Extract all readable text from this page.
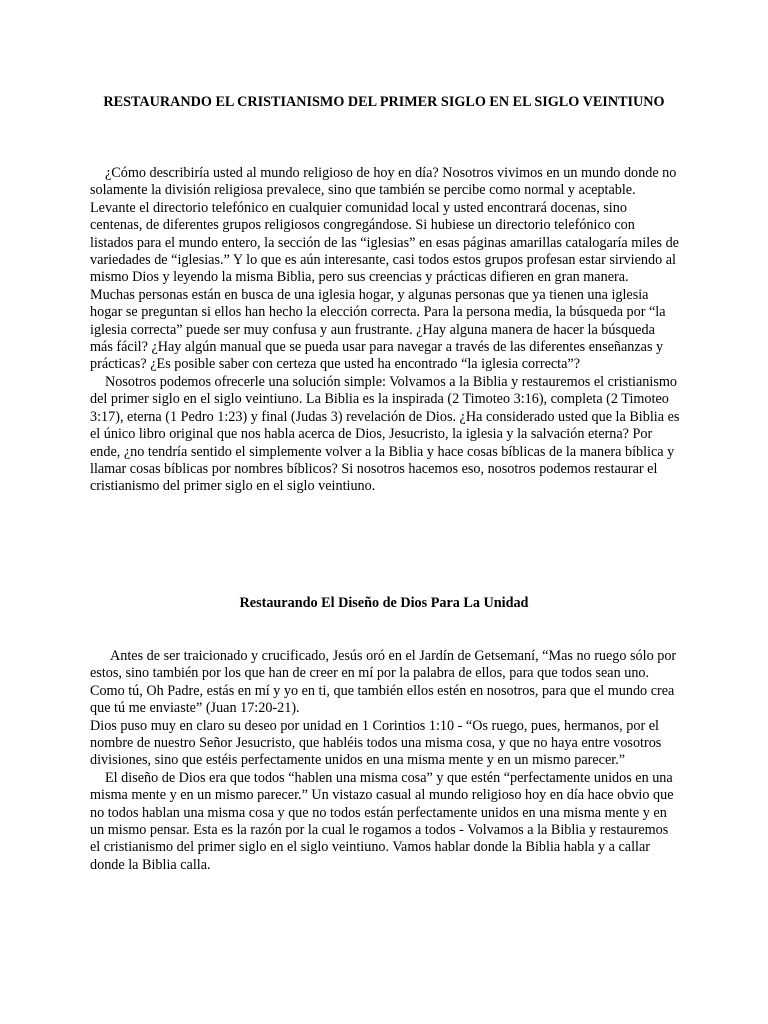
RESTAURANDO EL CRISTIANISMO DEL PRIMER SIGLO EN EL SIGLO VEINTIUNO

¿Cómo describiría usted al mundo religioso de hoy en día? Nosotros vivimos en un mundo donde no solamente la división religiosa prevalece, sino que también se percibe como normal y aceptable. Levante el directorio telefónico en cualquier comunidad local y usted encontrará docenas, sino centenas, de diferentes grupos religiosos congregándose. Si hubiese un directorio telefónico con listados para el mundo entero, la sección de las “iglesias” en esas páginas amarillas catalogaría miles de variedades de “iglesias.” Y lo que es aún interesante, casi todos estos grupos profesan estar sirviendo al mismo Dios y leyendo la misma Biblia, pero sus creencias y prácticas difieren en gran manera.

Muchas personas están en busca de una iglesia hogar, y algunas personas que ya tienen una iglesia hogar se preguntan si ellos han hecho la elección correcta. Para la persona media, la búsqueda por “la iglesia correcta” puede ser muy confusa y aun frustrante. ¿Hay alguna manera de hacer la búsqueda más fácil? ¿Hay algún manual que se pueda usar para navegar a través de las diferentes enseñanzas y prácticas? ¿Es posible saber con certeza que usted ha encontrado “la iglesia correcta”?

Nosotros podemos ofrecerle una solución simple: Volvamos a la Biblia y restauremos el cristianismo del primer siglo en el siglo veintiuno. La Biblia es la inspirada (2 Timoteo 3:16), completa (2 Timoteo 3:17), eterna (1 Pedro 1:23) y final (Judas 3) revelación de Dios. ¿Ha considerado usted que la Biblia es el único libro original que nos habla acerca de Dios, Jesucristo, la iglesia y la salvación eterna? Por ende, ¿no tendría sentido el simplemente volver a la Biblia y hace cosas bíblicas de la manera bíblica y llamar cosas bíblicas por nombres bíblicos? Si nosotros hacemos eso, nosotros podemos restaurar el cristianismo del primer siglo en el siglo veintiuno.

Restaurando El Diseño de Dios Para La Unidad

Antes de ser traicionado y crucificado, Jesús oró en el Jardín de Getsemaní, “Mas no ruego sólo por estos, sino también por los que han de creer en mí por la palabra de ellos, para que todos sean uno. Como tú, Oh Padre, estás en mí y yo en ti, que también ellos estén en nosotros, para que el mundo crea que tú me enviaste” (Juan 17:20-21).

Dios puso muy en claro su deseo por unidad en 1 Corintios 1:10 - “Os ruego, pues, hermanos, por el nombre de nuestro Señor Jesucristo, que habléis todos una misma cosa, y que no haya entre vosotros divisiones, sino que estéis perfectamente unidos en una misma mente y en un mismo parecer.”

El diseño de Dios era que todos “hablen una misma cosa” y que estén “perfectamente unidos en una misma mente y en un mismo parecer.” Un vistazo casual al mundo religioso hoy en día hace obvio que no todos hablan una misma cosa y que no todos están perfectamente unidos en una misma mente y en un mismo pensar. Esta es la razón por la cual le rogamos a todos - Volvamos a la Biblia y restauremos el cristianismo del primer siglo en el siglo veintiuno. Vamos hablar donde la Biblia habla y a callar donde la Biblia calla.
